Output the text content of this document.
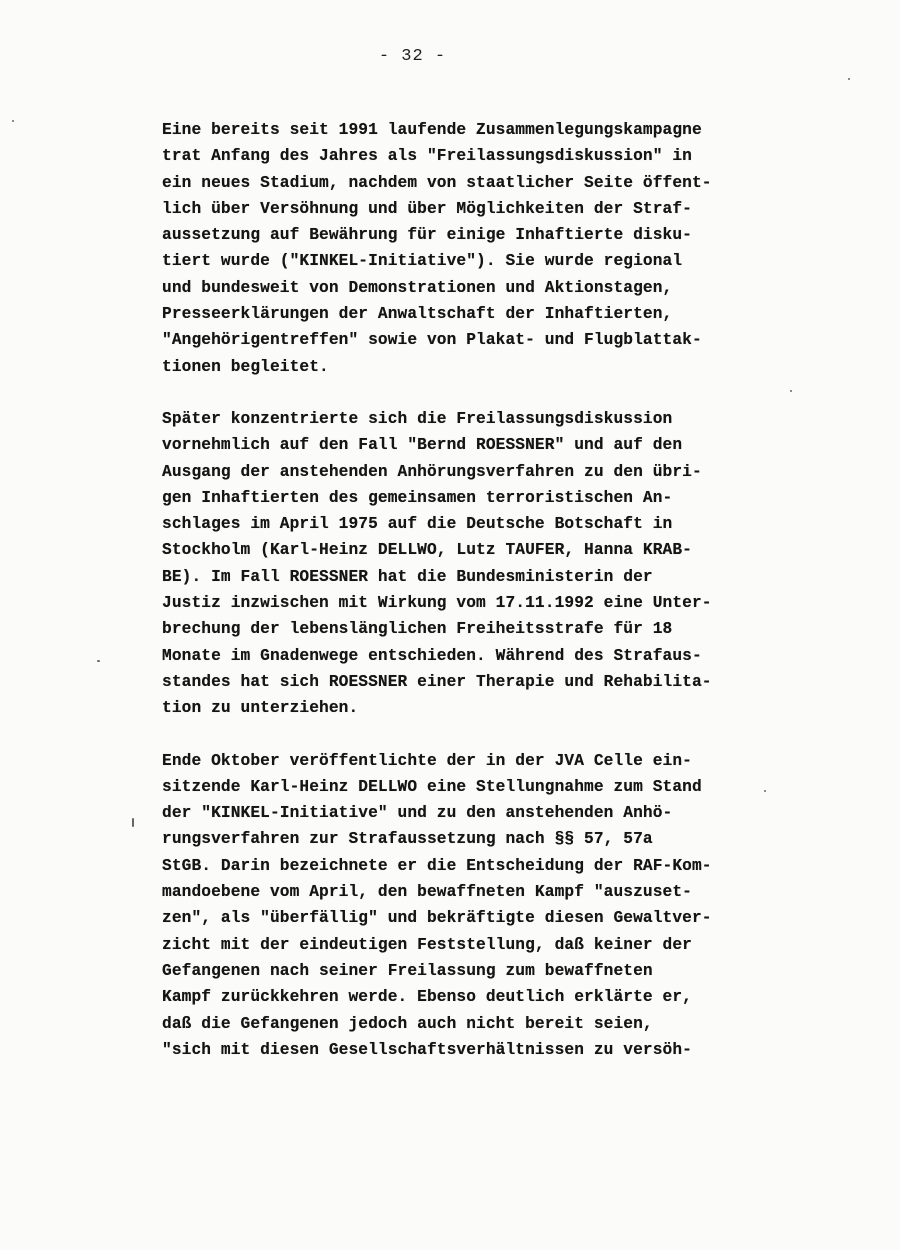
- 32 -
Eine bereits seit 1991 laufende Zusammenlegungskampagne
trat Anfang des Jahres als "Freilassungsdiskussion" in
ein neues Stadium, nachdem von staatlicher Seite öffent-
lich über Versöhnung und über Möglichkeiten der Straf-
aussetzung auf Bewährung für einige Inhaftierte disku-
tiert wurde ("KINKEL-Initiative"). Sie wurde regional
und bundesweit von Demonstrationen und Aktionstagen,
Presseerklärungen der Anwaltschaft der Inhaftierten,
"Angehörigentreffen" sowie von Plakat- und Flugblattak-
tionen begleitet.
Später konzentrierte sich die Freilassungsdiskussion
vornehmlich auf den Fall "Bernd ROESSNER" und auf den
Ausgang der anstehenden Anhörungsverfahren zu den übri-
gen Inhaftierten des gemeinsamen terroristischen An-
schlages im April 1975 auf die Deutsche Botschaft in
Stockholm (Karl-Heinz DELLWO, Lutz TAUFER, Hanna KRAB-
BE). Im Fall ROESSNER hat die Bundesministerin der
Justiz inzwischen mit Wirkung vom 17.11.1992 eine Unter-
brechung der lebenslänglichen Freiheitsstrafe für 18
Monate im Gnadenwege entschieden. Während des Strafaus-
standes hat sich ROESSNER einer Therapie und Rehabilita-
tion zu unterziehen.
Ende Oktober veröffentlichte der in der JVA Celle ein-
sitzende Karl-Heinz DELLWO eine Stellungnahme zum Stand
der "KINKEL-Initiative" und zu den anstehenden Anhö-
rungsverfahren zur Strafaussetzung nach §§ 57, 57a
StGB. Darin bezeichnete er die Entscheidung der RAF-Kom-
mandoebene vom April, den bewaffneten Kampf "auszuset-
zen", als "überfällig" und bekräftigte diesen Gewaltver-
zicht mit der eindeutigen Feststellung, daß keiner der
Gefangenen nach seiner Freilassung zum bewaffneten
Kampf zurückkehren werde. Ebenso deutlich erklärte er,
daß die Gefangenen jedoch auch nicht bereit seien,
"sich mit diesen Gesellschaftsverhältnissen zu versöh-
